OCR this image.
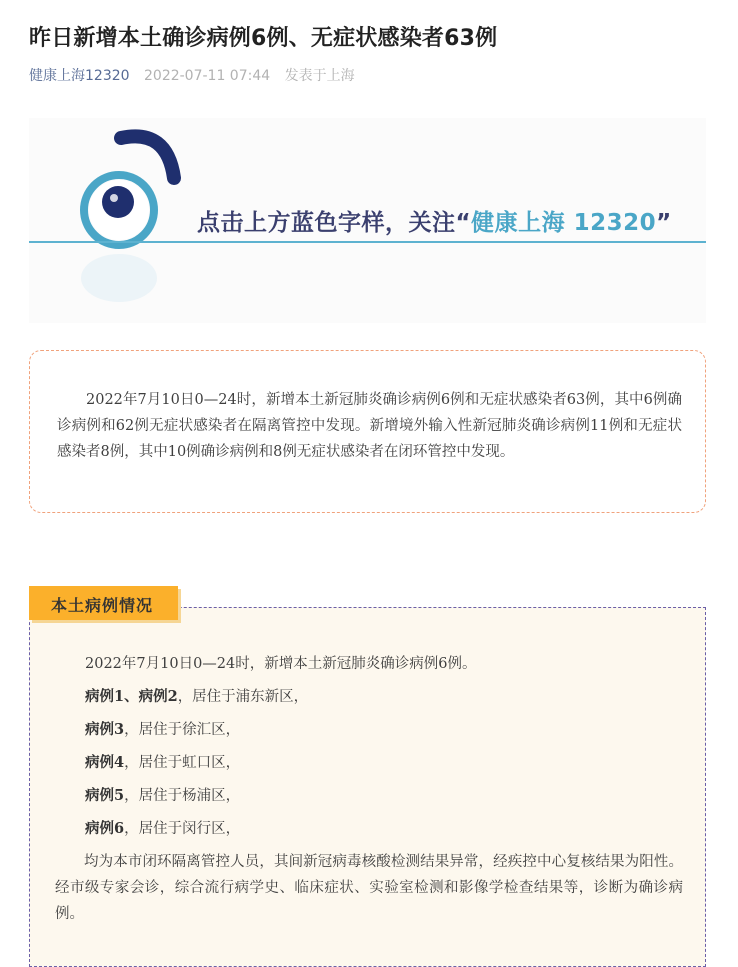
昨日新增本土确诊病例6例、无症状感染者63例
健康上海12320 2022-07-11 07:44 发表于上海
点击上方蓝色字样，关注“健康上海 12320”

2022年7月10日0—24时，新增本土新冠肺炎确诊病例6例和无症状感染者63例，其中6例确诊病例和62例无症状感染者在隔离管控中发现。新增境外输入性新冠肺炎确诊病例11例和无症状感染者8例，其中10例确诊病例和8例无症状感染者在闭环管控中发现。

本土病例情况
2022年7月10日0—24时，新增本土新冠肺炎确诊病例6例。
病例1、病例2，居住于浦东新区，
病例3，居住于徐汇区，
病例4，居住于虹口区，
病例5，居住于杨浦区，
病例6，居住于闵行区，
均为本市闭环隔离管控人员，其间新冠病毒核酸检测结果异常，经疾控中心复核结果为阳性。经市级专家会诊，综合流行病学史、临床症状、实验室检测和影像学检查结果等，诊断为确诊病例。
